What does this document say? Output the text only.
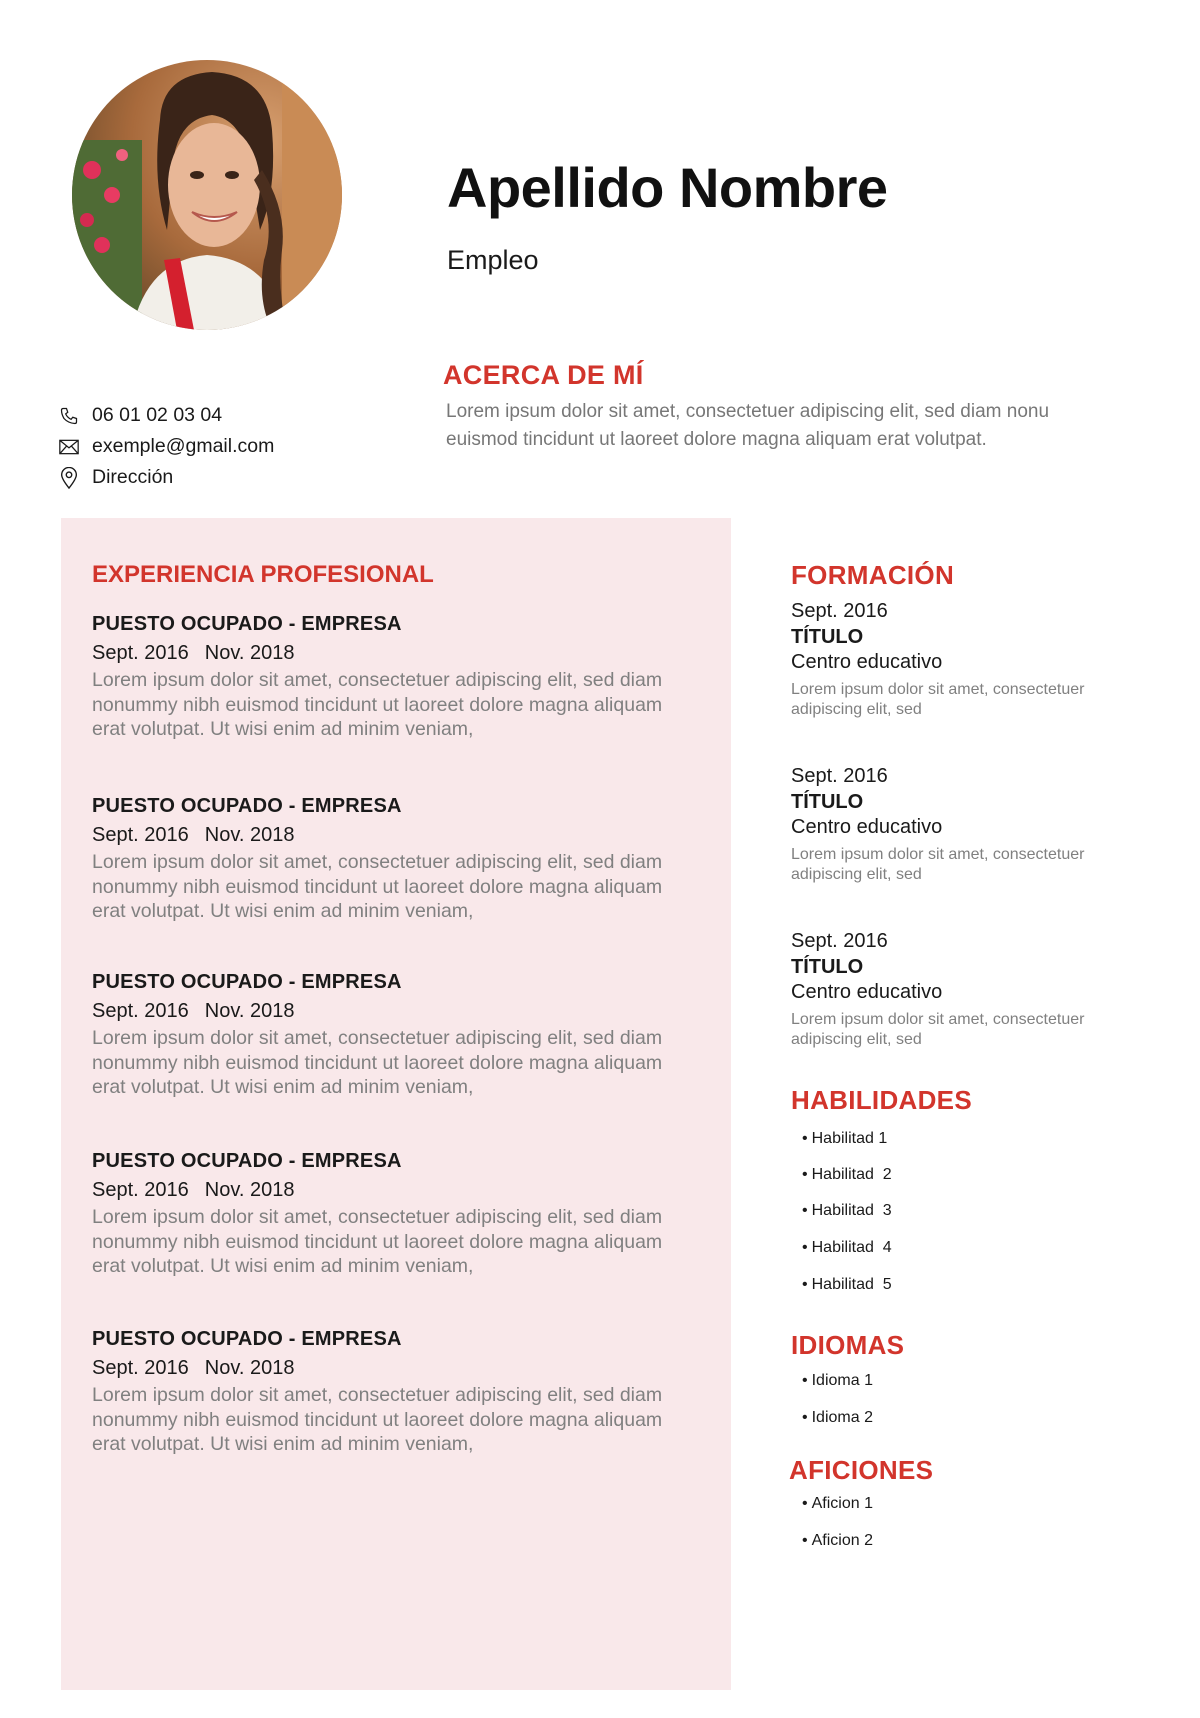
Apellido Nombre
Empleo
ACERCA DE MÍ
Lorem ipsum dolor sit amet, consectetuer adipiscing elit, sed diam nonu euismod tincidunt ut laoreet dolore magna aliquam erat volutpat.
06 01 02 03 04
exemple@gmail.com
Dirección
EXPERIENCIA PROFESIONAL
PUESTO OCUPADO - EMPRESA
Sept. 2016 Nov. 2018
Lorem ipsum dolor sit amet, consectetuer adipiscing elit, sed diam nonummy nibh euismod tincidunt ut laoreet dolore magna aliquam erat volutpat. Ut wisi enim ad minim veniam,
PUESTO OCUPADO - EMPRESA
Sept. 2016 Nov. 2018
Lorem ipsum dolor sit amet, consectetuer adipiscing elit, sed diam nonummy nibh euismod tincidunt ut laoreet dolore magna aliquam erat volutpat. Ut wisi enim ad minim veniam,
PUESTO OCUPADO - EMPRESA
Sept. 2016 Nov. 2018
Lorem ipsum dolor sit amet, consectetuer adipiscing elit, sed diam nonummy nibh euismod tincidunt ut laoreet dolore magna aliquam erat volutpat. Ut wisi enim ad minim veniam,
PUESTO OCUPADO - EMPRESA
Sept. 2016 Nov. 2018
Lorem ipsum dolor sit amet, consectetuer adipiscing elit, sed diam nonummy nibh euismod tincidunt ut laoreet dolore magna aliquam erat volutpat. Ut wisi enim ad minim veniam,
PUESTO OCUPADO - EMPRESA
Sept. 2016 Nov. 2018
Lorem ipsum dolor sit amet, consectetuer adipiscing elit, sed diam nonummy nibh euismod tincidunt ut laoreet dolore magna aliquam erat volutpat. Ut wisi enim ad minim veniam,
FORMACIÓN
Sept. 2016
TÍTULO
Centro educativo
Lorem ipsum dolor sit amet, consectetuer adipiscing elit, sed
Sept. 2016
TÍTULO
Centro educativo
Lorem ipsum dolor sit amet, consectetuer adipiscing elit, sed
Sept. 2016
TÍTULO
Centro educativo
Lorem ipsum dolor sit amet, consectetuer adipiscing elit, sed
HABILIDADES
• Habilitad 1
• Habilitad  2
• Habilitad  3
• Habilitad  4
• Habilitad  5
IDIOMAS
• Idioma 1
• Idioma 2
AFICIONES
• Aficion 1
• Aficion 2
